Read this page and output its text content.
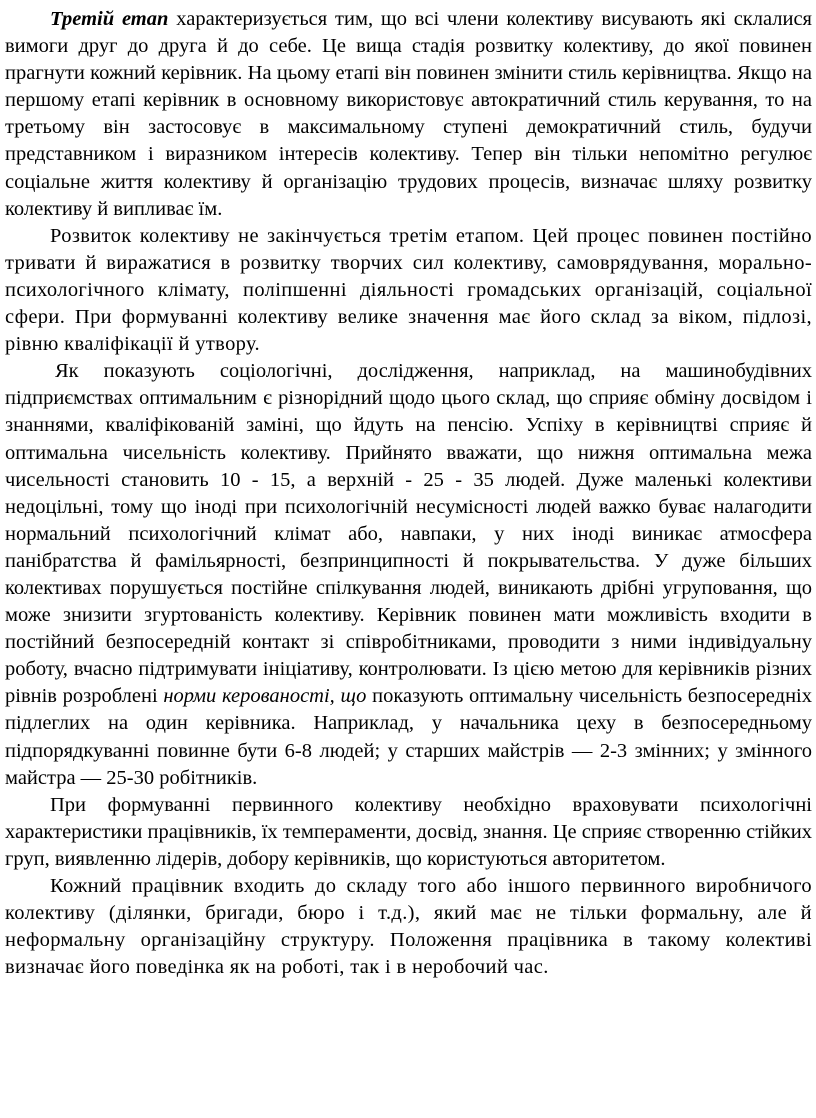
Третій етап характеризується тим, що всі члени колективу висувають які склалися вимоги друг до друга й до себе. Це вища стадія розвитку колективу, до якої повинен прагнути кожний керівник. На цьому етапі він повинен змінити стиль керівництва. Якщо на першому етапі керівник в основному використовує автократичний стиль керування, то на третьому він застосовує в максимальному ступені демократичний стиль, будучи представником і виразником інтересів колективу. Тепер він тільки непомітно регулює соціальне життя колективу й організацію трудових процесів, визначає шляху розвитку колективу й випливає їм.

Розвиток колективу не закінчується третім етапом. Цей процес повинен постійно тривати й виражатися в розвитку творчих сил колективу, самоврядування, морально-психологічного клімату, поліпшенні діяльності громадських організацій, соціальної сфери. При формуванні колективу велике значення має його склад за віком, підлозі, рівню кваліфікації й утвору.

Як показують соціологічні, дослідження, наприклад, на машинобудівних підприємствах оптимальним є різнорідний щодо цього склад, що сприяє обміну досвідом і знаннями, кваліфікованій заміні, що йдуть на пенсію. Успіху в керівництві сприяє й оптимальна чисельність колективу. Прийнято вважати, що нижня оптимальна межа чисельності становить 10 - 15, а верхній - 25 - 35 людей. Дуже маленькі колективи недоцільні, тому що іноді при психологічній несумісності людей важко буває налагодити нормальний психологічний клімат або, навпаки, у них іноді виникає атмосфера панібратства й фамільярності, безпринципності й покрывательства. У дуже більших колективах порушується постійне спілкування людей, виникають дрібні угруповання, що може знизити згуртованість колективу. Керівник повинен мати можливість входити в постійний безпосередній контакт зі співробітниками, проводити з ними індивідуальну роботу, вчасно підтримувати ініціативу, контролювати. Із цією метою для керівників різних рівнів розроблені норми керованості, що показують оптимальну чисельність безпосередніх підлеглих на один керівника. Наприклад, у начальника цеху в безпосередньому підпорядкуванні повинне бути 6-8 людей; у старших майстрів — 2-3 змінних; у змінного майстра — 25-30 робітників.

При формуванні первинного колективу необхідно враховувати психологічні характеристики працівників, їх темпераменти, досвід, знання. Це сприяє створенню стійких груп, виявленню лідерів, добору керівників, що користуються авторитетом.

Кожний працівник входить до складу того або іншого первинного виробничого колективу (ділянки, бригади, бюро і т.д.), який має не тільки формальну, але й неформальну організаційну структуру. Положення працівника в такому колективі визначає його поведінка як на роботі, так і в неробочий час.
